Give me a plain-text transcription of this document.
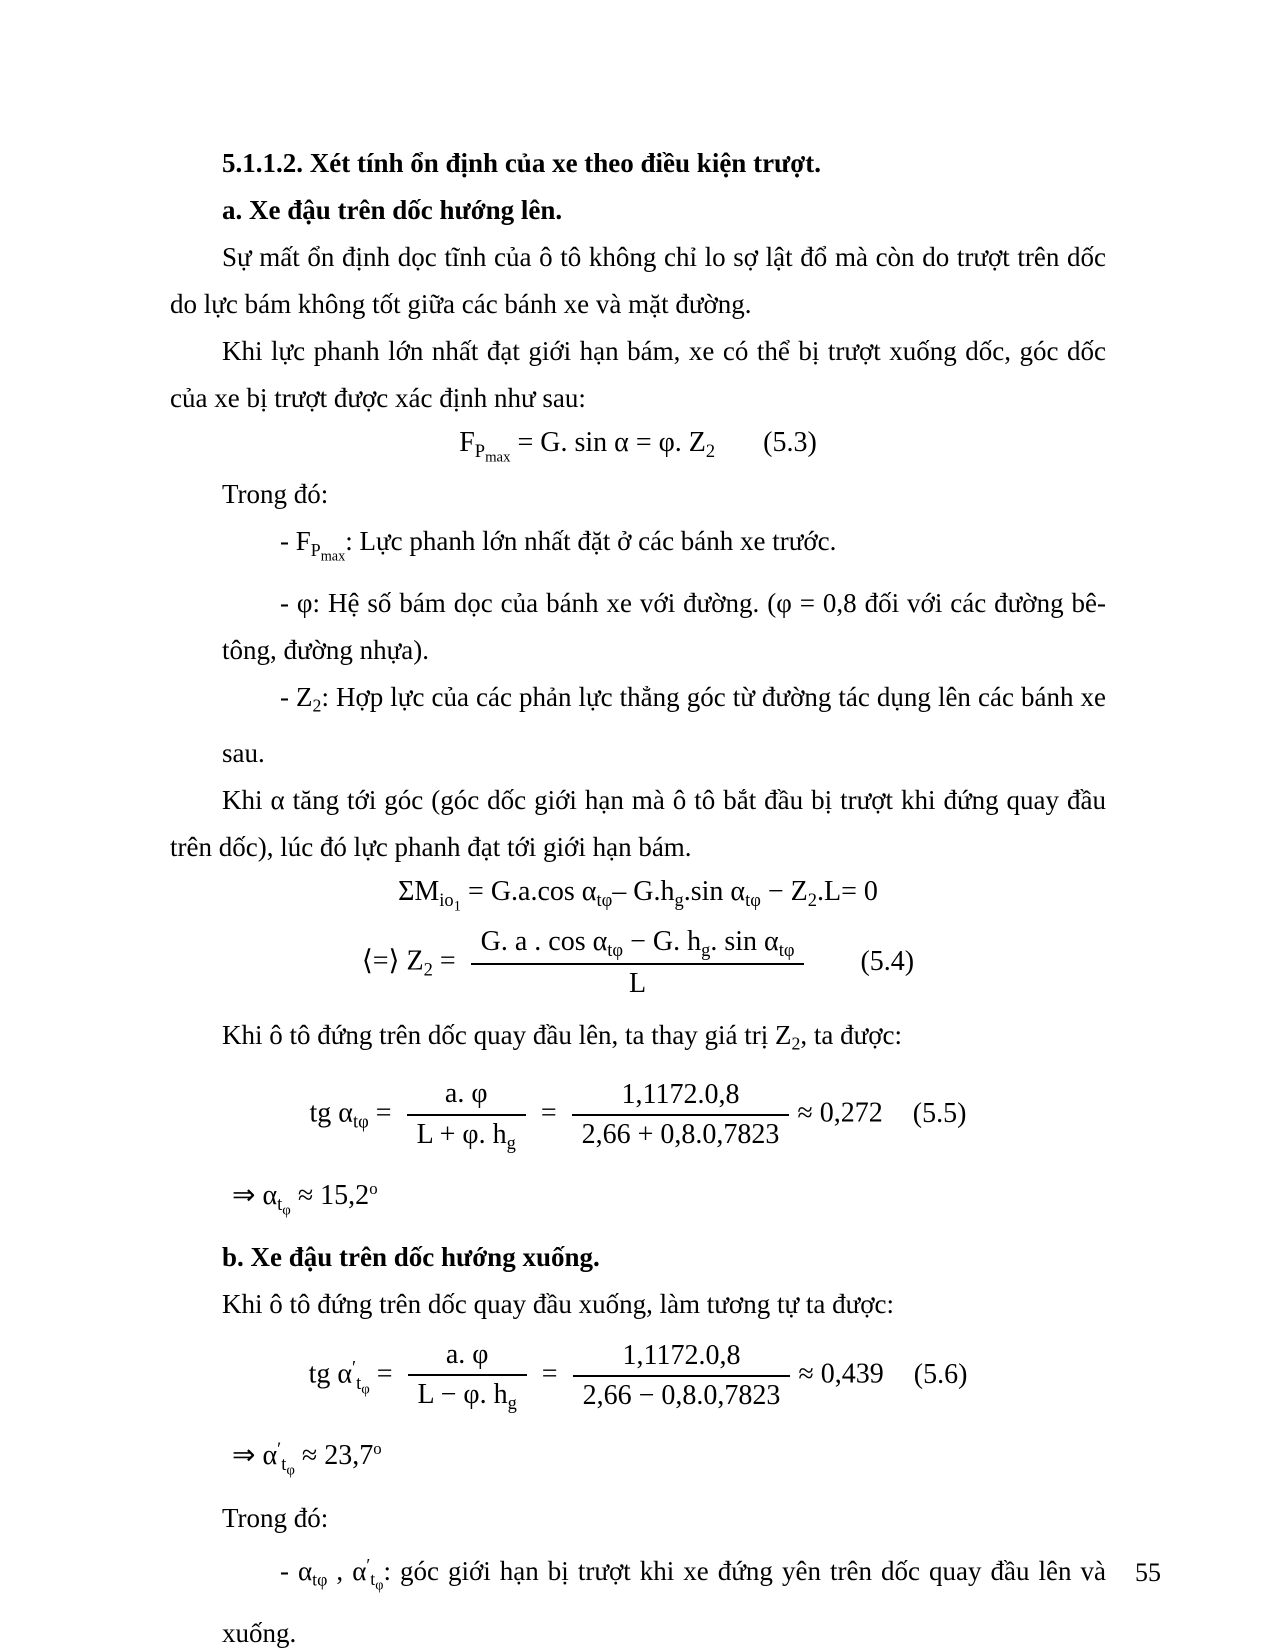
5.1.1.2. Xét tính ổn định của xe theo điều kiện trượt.

a. Xe đậu trên dốc hướng lên.

Sự mất ổn định dọc tĩnh của ô tô không chỉ lo sợ lật đổ mà còn do trượt trên dốc do lực bám không tốt giữa các bánh xe và mặt đường.

Khi lực phanh lớn nhất đạt giới hạn bám, xe có thể bị trượt xuống dốc, góc dốc của xe bị trượt được xác định như sau:

$F_{P_{max}} = G$. sin α = φ. $Z_2$ (5.3)

Trong đó:

- $F_{P_{max}}$: Lực phanh lớn nhất đặt ở các bánh xe trước.

- φ: Hệ số bám dọc của bánh xe với đường. (φ = 0,8 đối với các đường bê-tông, đường nhựa).

- $Z_2$: Hợp lực của các phản lực thẳng góc từ đường tác dụng lên các bánh xe sau.

Khi α tăng tới góc (góc dốc giới hạn mà ô tô bắt đầu bị trượt khi đứng quay đầu trên dốc), lúc đó lực phanh đạt tới giới hạn bám.

$\Sigma M_{io_1} = G.a.\cos$ $\alpha_{t\varphi}-$ $G.h_g.\sin$ $\alpha_{t\varphi} - Z_2.L= 0$
⟨=⟩ $Z_2 = \frac{G. a . \cos \alpha_{t\varphi} - G. h_g. \sin \alpha_{t\varphi}}{L} (5.4)$

Khi ô tô đứng trên dốc quay đầu lên, ta thay giá trị $Z_2$, ta được:

tg $\alpha_{t\varphi} = \frac{a. \varphi}{L + \varphi. h_g} = \frac{1,1172.0,8}{2,66 + 0,8.0,7823} \approx 0,272$ (5.5)

⇒ $\alpha_{t_\varphi} \approx 15,2^o$

b. Xe đậu trên dốc hướng xuống.

Khi ô tô đứng trên dốc quay đầu xuống, làm tương tự ta được:

tg $\alpha'_{t_\varphi} = \frac{a. \varphi}{L - \varphi. h_g} = \frac{1,1172.0,8}{2,66 - 0,8.0,7823} \approx 0,439$ (5.6)

⇒ $\alpha'_{t_\varphi} \approx 23,7^o$

Trong đó:

- $\alpha_{t\varphi}$ , $\alpha'_{t_\varphi}$: góc giới hạn bị trượt khi xe đứng yên trên dốc quay đầu lên và xuống.

55
